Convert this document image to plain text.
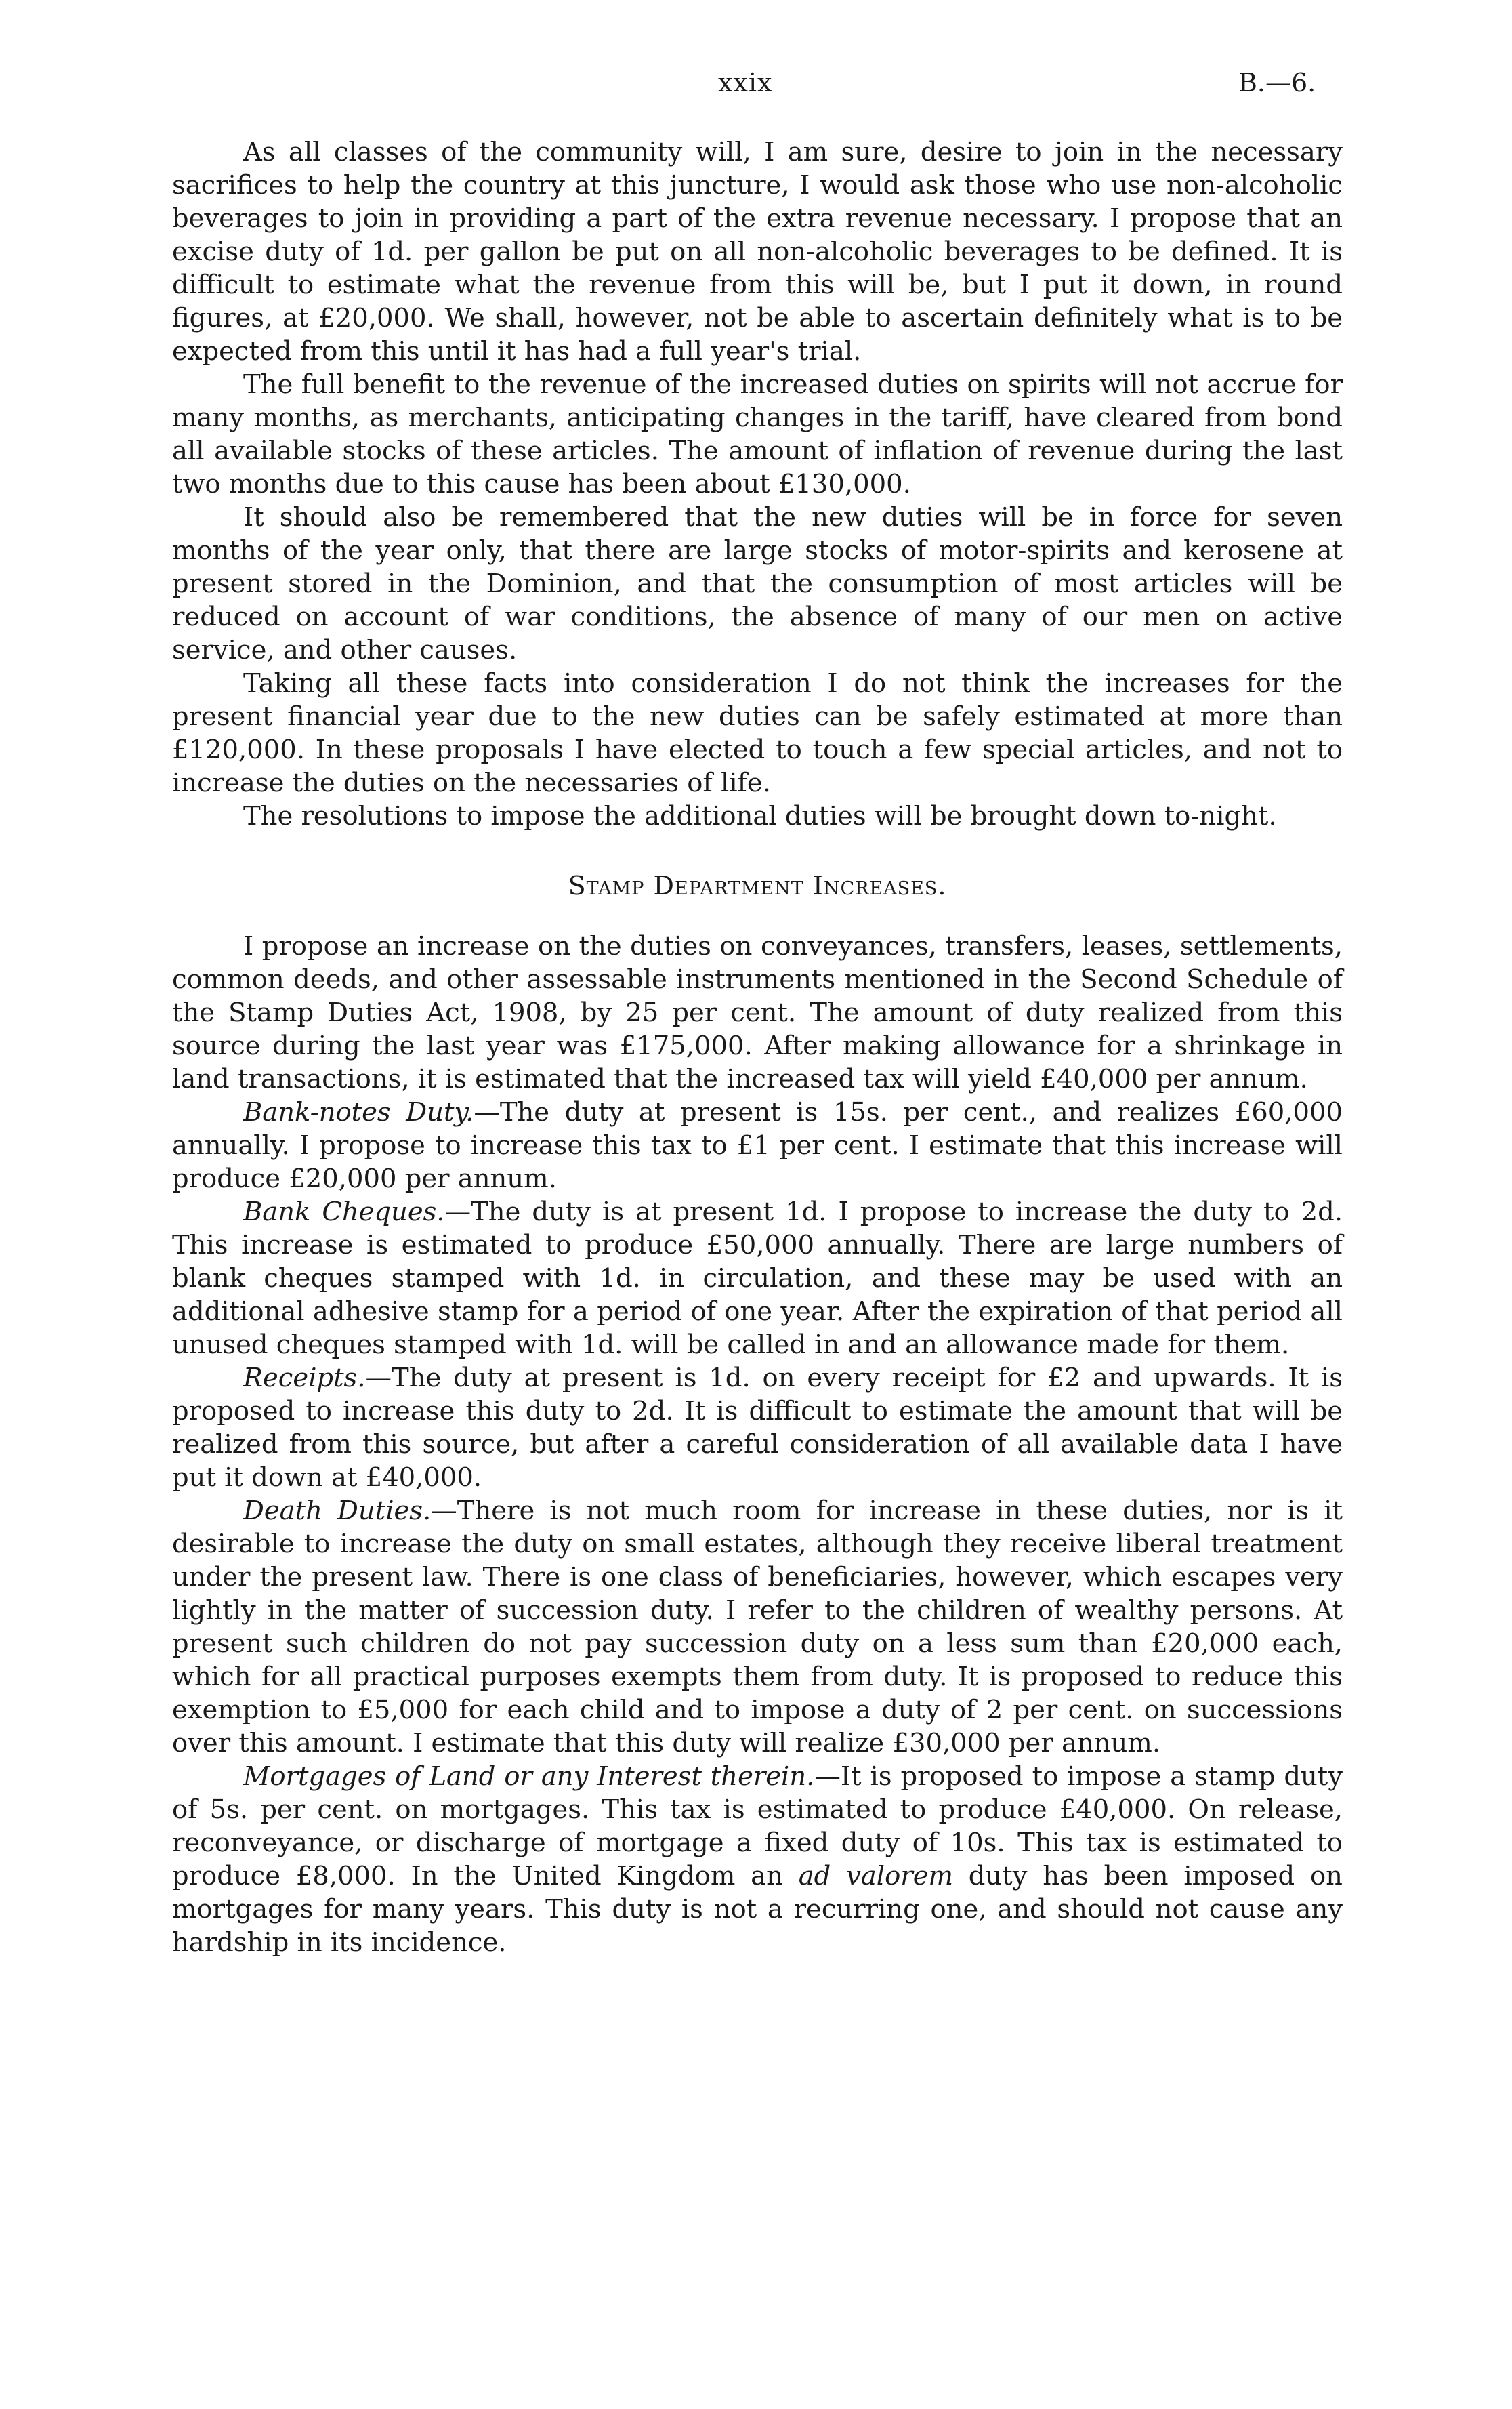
xxix	B.—6.

As all classes of the community will, I am sure, desire to join in the necessary sacrifices to help the country at this juncture, I would ask those who use non-alcoholic beverages to join in providing a part of the extra revenue necessary. I propose that an excise duty of 1d. per gallon be put on all non-alcoholic beverages to be defined. It is difficult to estimate what the revenue from this will be, but I put it down, in round figures, at £20,000. We shall, however, not be able to ascertain definitely what is to be expected from this until it has had a full year's trial.

The full benefit to the revenue of the increased duties on spirits will not accrue for many months, as merchants, anticipating changes in the tariff, have cleared from bond all available stocks of these articles. The amount of inflation of revenue during the last two months due to this cause has been about £130,000.

It should also be remembered that the new duties will be in force for seven months of the year only, that there are large stocks of motor-spirits and kerosene at present stored in the Dominion, and that the consumption of most articles will be reduced on account of war conditions, the absence of many of our men on active service, and other causes.

Taking all these facts into consideration I do not think the increases for the present financial year due to the new duties can be safely estimated at more than £120,000. In these proposals I have elected to touch a few special articles, and not to increase the duties on the necessaries of life.

The resolutions to impose the additional duties will be brought down to-night.

Stamp Department Increases.

I propose an increase on the duties on conveyances, transfers, leases, settlements, common deeds, and other assessable instruments mentioned in the Second Schedule of the Stamp Duties Act, 1908, by 25 per cent. The amount of duty realized from this source during the last year was £175,000. After making allowance for a shrinkage in land transactions, it is estimated that the increased tax will yield £40,000 per annum.

Bank-notes Duty.—The duty at present is 15s. per cent., and realizes £60,000 annually. I propose to increase this tax to £1 per cent. I estimate that this increase will produce £20,000 per annum.

Bank Cheques.—The duty is at present 1d. I propose to increase the duty to 2d. This increase is estimated to produce £50,000 annually. There are large numbers of blank cheques stamped with 1d. in circulation, and these may be used with an additional adhesive stamp for a period of one year. After the expiration of that period all unused cheques stamped with 1d. will be called in and an allowance made for them.

Receipts.—The duty at present is 1d. on every receipt for £2 and upwards. It is proposed to increase this duty to 2d. It is difficult to estimate the amount that will be realized from this source, but after a careful consideration of all available data I have put it down at £40,000.

Death Duties.—There is not much room for increase in these duties, nor is it desirable to increase the duty on small estates, although they receive liberal treatment under the present law. There is one class of beneficiaries, however, which escapes very lightly in the matter of succession duty. I refer to the children of wealthy persons. At present such children do not pay succession duty on a less sum than £20,000 each, which for all practical purposes exempts them from duty. It is proposed to reduce this exemption to £5,000 for each child and to impose a duty of 2 per cent. on successions over this amount. I estimate that this duty will realize £30,000 per annum.

Mortgages of Land or any Interest therein.—It is proposed to impose a stamp duty of 5s. per cent. on mortgages. This tax is estimated to produce £40,000. On release, reconveyance, or discharge of mortgage a fixed duty of 10s. This tax is estimated to produce £8,000. In the United Kingdom an ad valorem duty has been imposed on mortgages for many years. This duty is not a recurring one, and should not cause any hardship in its incidence.
